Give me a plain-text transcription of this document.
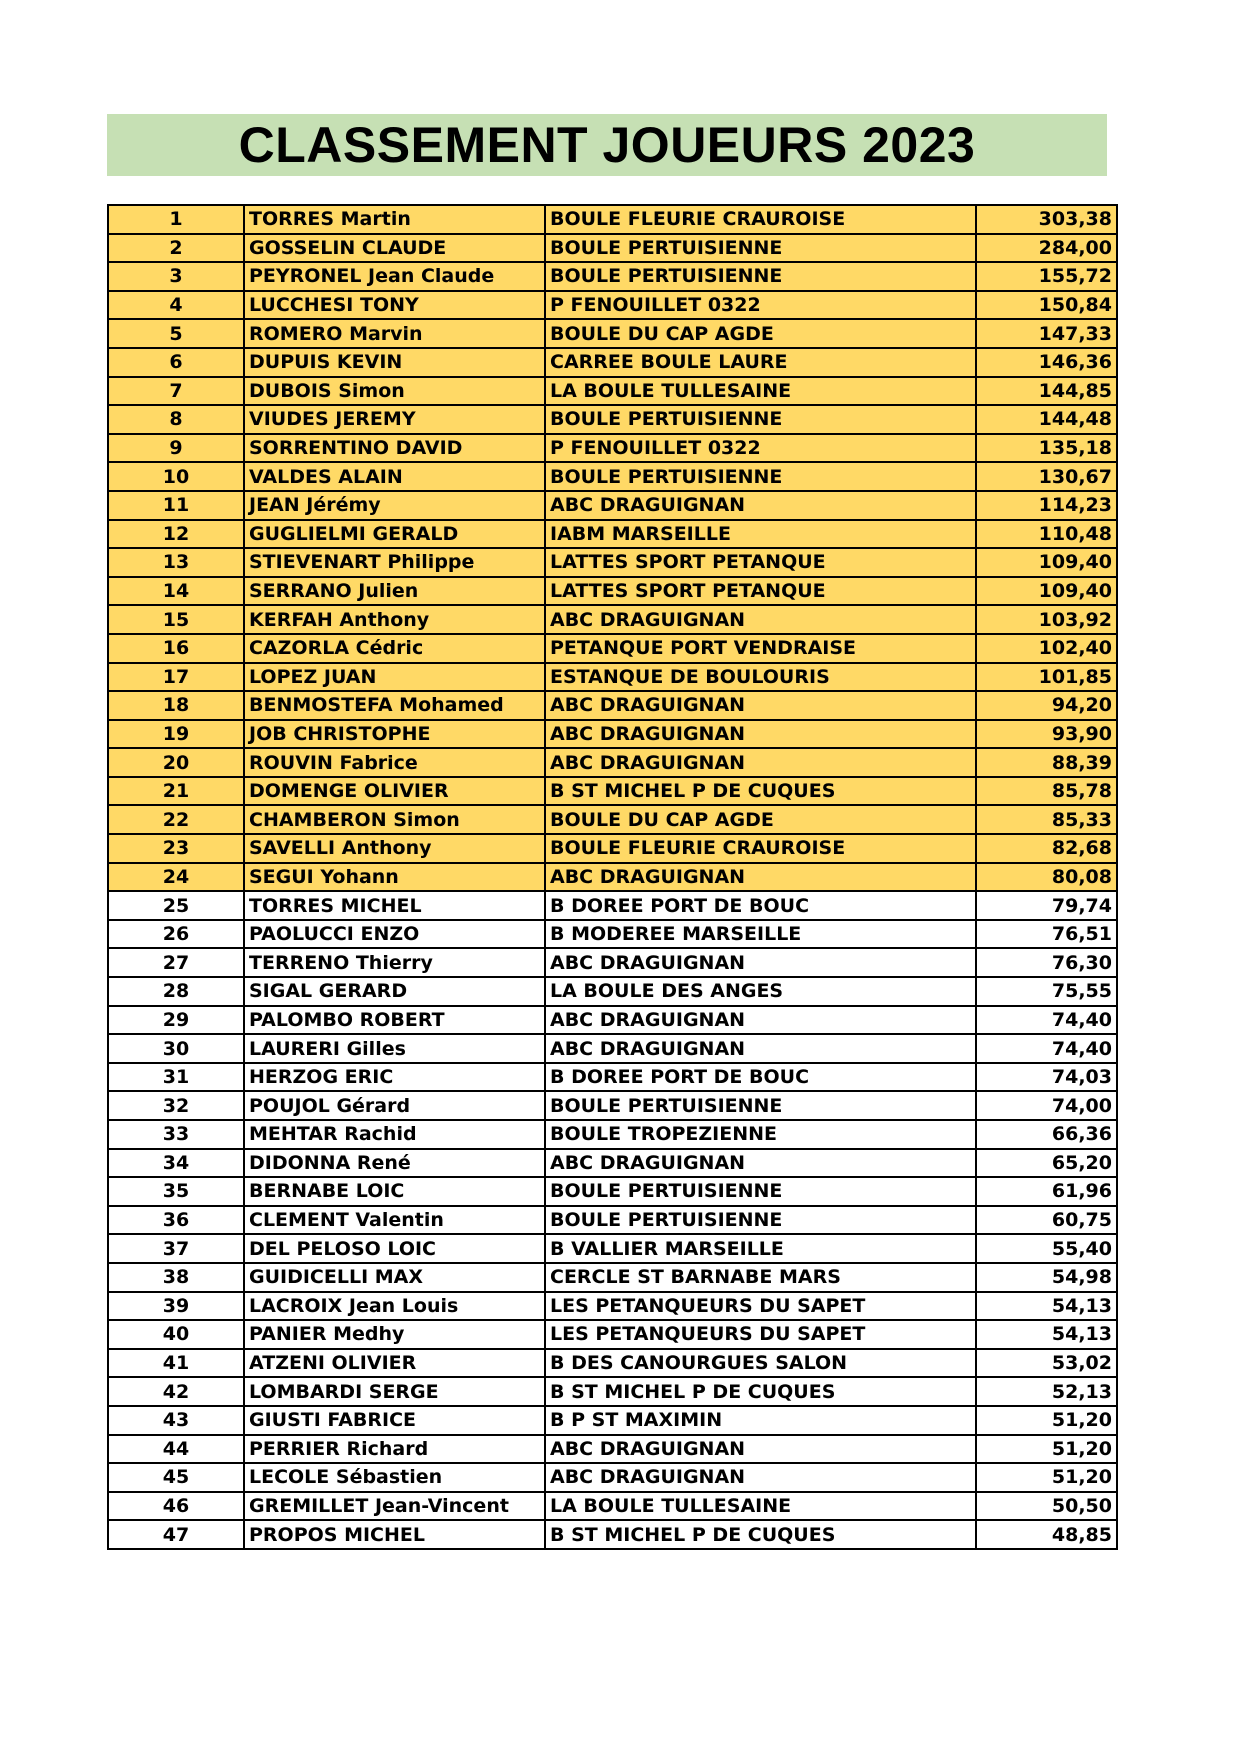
CLASSEMENT JOUEURS 2023
1	TORRES Martin	BOULE FLEURIE CRAUROISE	303,38
2	GOSSELIN CLAUDE	BOULE PERTUISIENNE	284,00
3	PEYRONEL Jean Claude	BOULE PERTUISIENNE	155,72
4	LUCCHESI TONY	P FENOUILLET 0322	150,84
5	ROMERO Marvin	BOULE DU CAP AGDE	147,33
6	DUPUIS KEVIN	CARREE BOULE LAURE	146,36
7	DUBOIS Simon	LA BOULE TULLESAINE	144,85
8	VIUDES JEREMY	BOULE PERTUISIENNE	144,48
9	SORRENTINO DAVID	P FENOUILLET 0322	135,18
10	VALDES ALAIN	BOULE PERTUISIENNE	130,67
11	JEAN Jérémy	ABC DRAGUIGNAN	114,23
12	GUGLIELMI GERALD	IABM MARSEILLE	110,48
13	STIEVENART Philippe	LATTES SPORT PETANQUE	109,40
14	SERRANO Julien	LATTES SPORT PETANQUE	109,40
15	KERFAH Anthony	ABC DRAGUIGNAN	103,92
16	CAZORLA Cédric	PETANQUE PORT VENDRAISE	102,40
17	LOPEZ JUAN	ESTANQUE DE BOULOURIS	101,85
18	BENMOSTEFA Mohamed	ABC DRAGUIGNAN	94,20
19	JOB CHRISTOPHE	ABC DRAGUIGNAN	93,90
20	ROUVIN Fabrice	ABC DRAGUIGNAN	88,39
21	DOMENGE OLIVIER	B ST MICHEL P DE CUQUES	85,78
22	CHAMBERON Simon	BOULE DU CAP AGDE	85,33
23	SAVELLI Anthony	BOULE FLEURIE CRAUROISE	82,68
24	SEGUI Yohann	ABC DRAGUIGNAN	80,08
25	TORRES MICHEL	B DOREE PORT DE BOUC	79,74
26	PAOLUCCI ENZO	B MODEREE MARSEILLE	76,51
27	TERRENO Thierry	ABC DRAGUIGNAN	76,30
28	SIGAL GERARD	LA BOULE DES ANGES	75,55
29	PALOMBO ROBERT	ABC DRAGUIGNAN	74,40
30	LAURERI Gilles	ABC DRAGUIGNAN	74,40
31	HERZOG ERIC	B DOREE PORT DE BOUC	74,03
32	POUJOL Gérard	BOULE PERTUISIENNE	74,00
33	MEHTAR Rachid	BOULE TROPEZIENNE	66,36
34	DIDONNA René	ABC DRAGUIGNAN	65,20
35	BERNABE LOIC	BOULE PERTUISIENNE	61,96
36	CLEMENT Valentin	BOULE PERTUISIENNE	60,75
37	DEL PELOSO LOIC	B VALLIER MARSEILLE	55,40
38	GUIDICELLI MAX	CERCLE ST BARNABE MARS	54,98
39	LACROIX Jean Louis	LES PETANQUEURS DU SAPET	54,13
40	PANIER Medhy	LES PETANQUEURS DU SAPET	54,13
41	ATZENI OLIVIER	B DES CANOURGUES SALON	53,02
42	LOMBARDI SERGE	B ST MICHEL P DE CUQUES	52,13
43	GIUSTI FABRICE	B P ST MAXIMIN	51,20
44	PERRIER Richard	ABC DRAGUIGNAN	51,20
45	LECOLE Sébastien	ABC DRAGUIGNAN	51,20
46	GREMILLET Jean-Vincent	LA BOULE TULLESAINE	50,50
47	PROPOS MICHEL	B ST MICHEL P DE CUQUES	48,85
